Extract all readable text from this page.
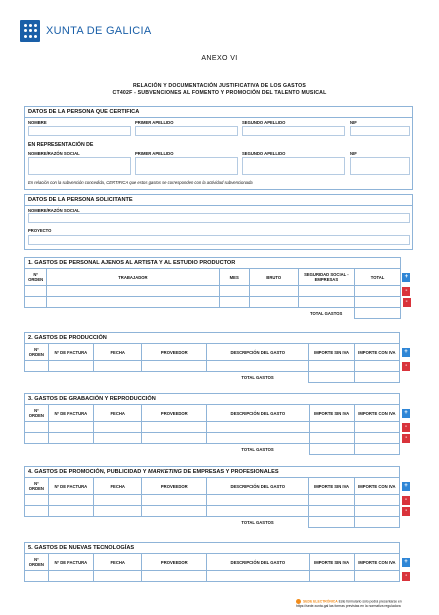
XUNTA DE GALICIA
ANEXO VI
RELACIÓN Y DOCUMENTACIÓN JUSTIFICATIVA DE LOS GASTOS
CT402F - SUBVENCIONES AL FOMENTO Y PROMOCIÓN DEL TALENTO MUSICAL
DATOS DE LA PERSONA QUE CERTIFICA
NOMBRE	PRIMER APELLIDO	SEGUNDO APELLIDO	NIF
EN REPRESENTACIÓN DE
NOMBRE/RAZÓN SOCIAL	PRIMER APELLIDO	SEGUNDO APELLIDO	NIF
En relación con la subvención concedida, CERTIFICA que estos gastos se corresponden con la actividad subvencionada
DATOS DE LA PERSONA SOLICITANTE
NOMBRE/RAZÓN SOCIAL
PROYECTO
1. GASTOS DE PERSONAL AJENOS AL ARTISTA Y AL ESTUDIO PRODUCTOR						
Nº ORDEN	TRABAJADOR	MES	BRUTO	SEGURIDAD SOCIAL - EMPRESAS	TOTAL	+

						-

						-

				TOTAL GASTOS		
2. GASTOS DE PRODUCCIÓN							
Nº ORDEN	Nº DE FACTURA	FECHA	PROVEEDOR	DESCRIPCIÓN DEL GASTO	IMPORTE SIN IVA	IMPORTE CON IVA	+

							-

				TOTAL GASTOS			
3. GASTOS DE GRABACIÓN Y REPRODUCCIÓN							
Nº ORDEN	Nº DE FACTURA	FECHA	PROVEEDOR	DESCRIPCIÓN DEL GASTO	IMPORTE SIN IVA	IMPORTE CON IVA	+

							-

							-

				TOTAL GASTOS			
4. GASTOS DE PROMOCIÓN, PUBLICIDAD Y MARKETING DE EMPRESAS Y PROFESIONALES							
Nº ORDEN	Nº DE FACTURA	FECHA	PROVEEDOR	DESCRIPCIÓN DEL GASTO	IMPORTE SIN IVA	IMPORTE CON IVA	+

							-

							-

				TOTAL GASTOS			
5. GASTOS DE NUEVAS TECNOLOGÍAS							
Nº ORDEN	Nº DE FACTURA	FECHA	PROVEEDOR	DESCRIPCIÓN DEL GASTO	IMPORTE SIN IVA	IMPORTE CON IVA	+

							-
SEDE ELECTRÓNICA Este formulario sólo podrá presentarse en
https://sede.xunta.gal las formas previstas en la normativa reguladora
